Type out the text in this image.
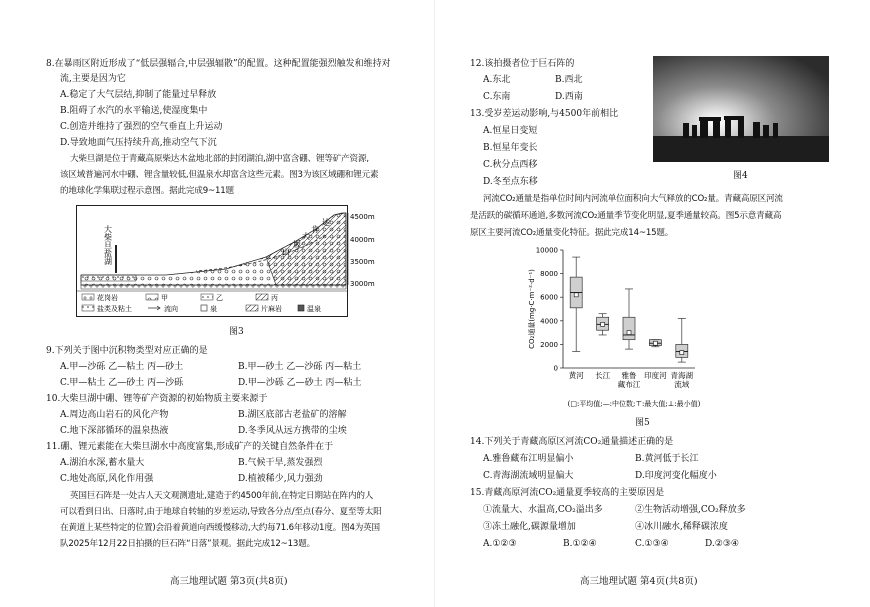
8.在暴雨区附近形成了“低层强辐合,中层强辐散”的配置。这种配置能强烈触发和维持对
流,主要是因为它
A.稳定了大气层结,抑制了能量过早释放
B.阻碍了水汽的水平输送,使湿度集中
C.创造并维持了强烈的空气垂直上升运动
D.导致地面气压持续升高,推动空气下沉
大柴旦湖是位于青藏高原柴达木盆地北部的封闭湖泊,湖中富含硼、锂等矿产资源,
该区域普遍河水中硼、锂含量较低,但温泉水却富含这些元素。图3为该区域硼和锂元素
的地球化学集联过程示意图。据此完成9~11题
大柴旦盐湖
达
肯
大
坂
山
4500m
4000m
3500m
3000m
花岗岩	甲	乙	丙
盐类及粘土	流向	泉	片麻岩	温泉
图3
9.下列关于图中沉积物类型对应正确的是
A.甲—沙砾 乙—粘土 丙—砂土	B.甲—砂土 乙—沙砾 丙—粘土
C.甲—粘土 乙—砂土 丙—沙砾	D.甲—沙砾 乙—砂土 丙—粘土
10.大柴旦湖中硼、锂等矿产资源的初始物质主要来源于
A.周边高山岩石的风化产物	B.湖区底部古老盐矿的溶解
C.地下深部循环的温泉热液	D.冬季风从远方携带的尘埃
11.硼、锂元素能在大柴旦湖水中高度富集,形成矿产的关键自然条件在于
A.湖泊水深,蓄水量大	B.气候干旱,蒸发强烈
C.地处高原,风化作用强	D.植被稀少,风力强劲
英国巨石阵是一处古人天文观测遗址,建造于约4500年前,在特定日期站在阵内的人
可以看到日出、日落时,由于地球自转轴的岁差运动,导致各分点/至点(春分、夏至等太阳
在黄道上某些特定的位置)会沿着黄道向西缓慢移动,大约每71.6年移动1度。图4为英国
队2025年12月22日拍摄的巨石阵“日落”景观。据此完成12~13题。
高三地理试题 第3页(共8页)
12.该拍摄者位于巨石阵的
A.东北	B.西北
C.东南	D.西南
13.受岁差运动影响,与4500年前相比
A.恒星日变短
B.恒星年变长
C.秋分点西移
D.冬至点东移
图4
河流CO₂通量是指单位时间内河流单位面积向大气释放的CO₂量。青藏高原区河流
是活跃的碳循环通道,多数河流CO₂通量季节变化明显,夏季通量较高。图5示意青藏高
原区主要河流CO₂通量变化特征。据此完成14~15题。
0
2000
4000
6000
8000
10000
CO₂通量(mg·C·m⁻²·d⁻¹)
黄河 长江 雅鲁
藏布江
印度河 青海湖
流域
(□:平均值;—:中位数;⊤:最大值;⊥:最小值)
图5
14.下列关于青藏高原区河流CO₂通量描述正确的是
A.雅鲁藏布江明显偏小	B.黄河低于长江
C.青海湖流域明显偏大	D.印度河变化幅度小
15.青藏高原河流CO₂通量夏季较高的主要原因是
①流量大、水温高,CO₂溢出多	②生物活动增强,CO₂释放多
③冻土融化,碳源量增加	④冰川融水,稀释碳浓度
A.①②③	B.①②④	C.①③④	D.②③④
高三地理试题 第4页(共8页)
